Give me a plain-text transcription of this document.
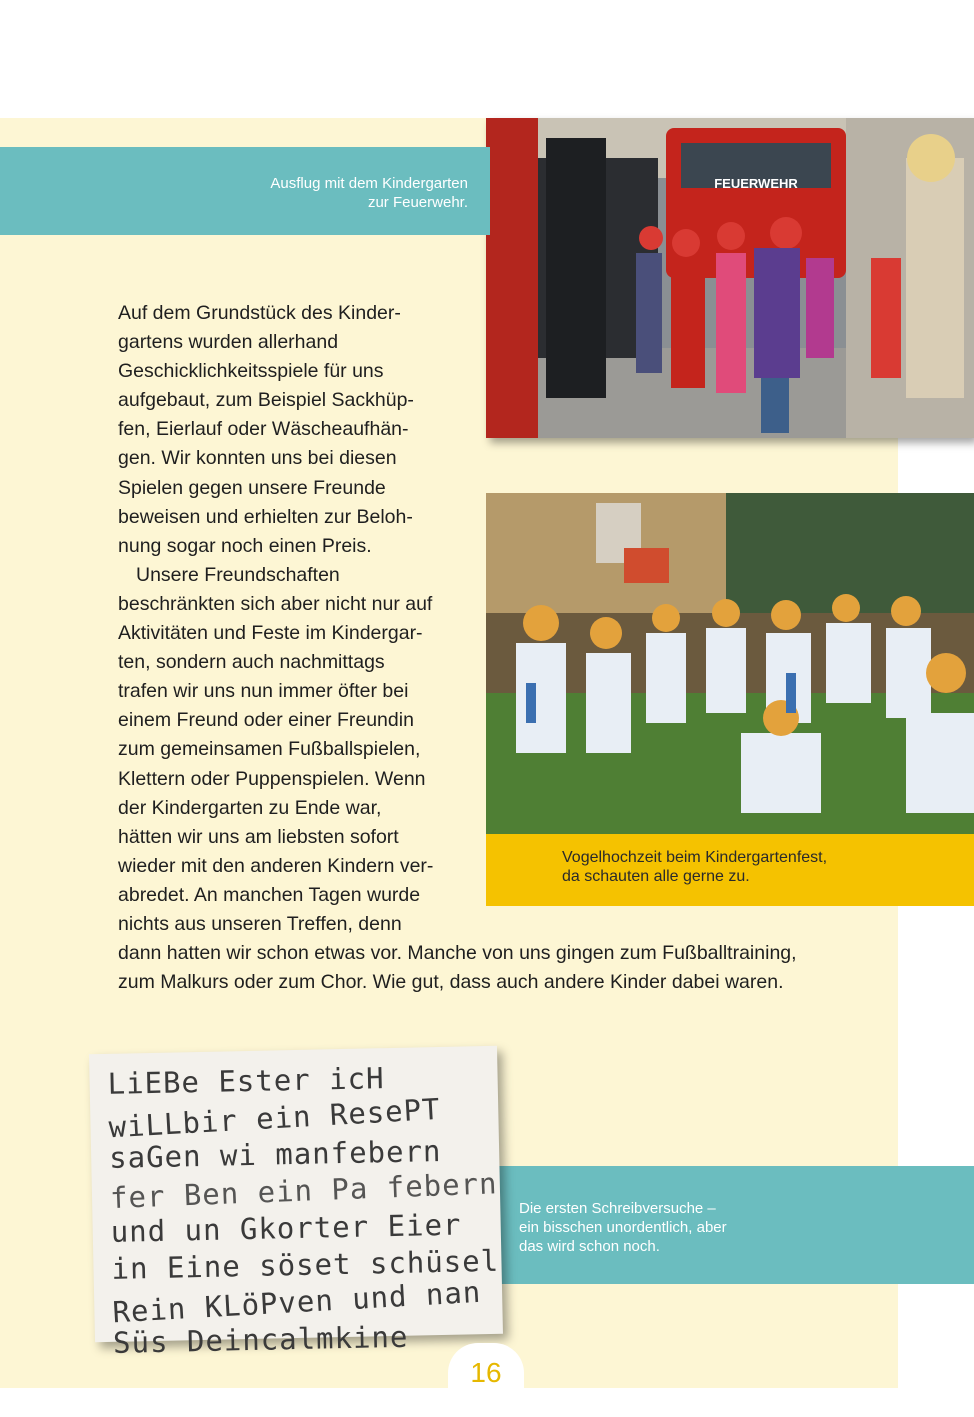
FEUERWEHR
Ausflug mit dem Kindergarten
zur Feuerwehr.
Vogelhochzeit beim Kindergartenfest,
da schauten alle gerne zu.

Auf dem Grundstück des Kinder-
gartens wurden allerhand
Geschicklichkeitsspiele für uns
aufgebaut, zum Beispiel Sackhüp-
fen, Eierlauf oder Wäscheaufhän-
gen. Wir konnten uns bei diesen
Spielen gegen unsere Freunde
beweisen und erhielten zur Beloh-
nung sogar noch einen Preis.

Unsere Freundschaften
beschränkten sich aber nicht nur auf
Aktivitäten und Feste im Kindergar-
ten, sondern auch nachmittags
trafen wir uns nun immer öfter bei
einem Freund oder einer Freundin
zum gemeinsamen Fußballspielen,
Klettern oder Puppenspielen. Wenn
der Kindergarten zu Ende war,
hätten wir uns am liebsten sofort
wieder mit den anderen Kindern ver-
abredet. An manchen Tagen wurde
nichts aus unseren Treffen, denn
dann hatten wir schon etwas vor. Manche von uns gingen zum Fußballtraining,
zum Malkurs oder zum Chor. Wie gut, dass auch andere Kinder dabei waren.

Die ersten Schreibversuche –
ein bisschen unordentlich, aber
das wird schon noch.
LiEBe Ester icH
wiLLbir ein ResePT
saGen wi manfebern
fer Ben ein Pa febern
und un Gkorter Eier
in Eine söset schüsel
Rein KLöPven und nan
Süs Deincalmkine
16
